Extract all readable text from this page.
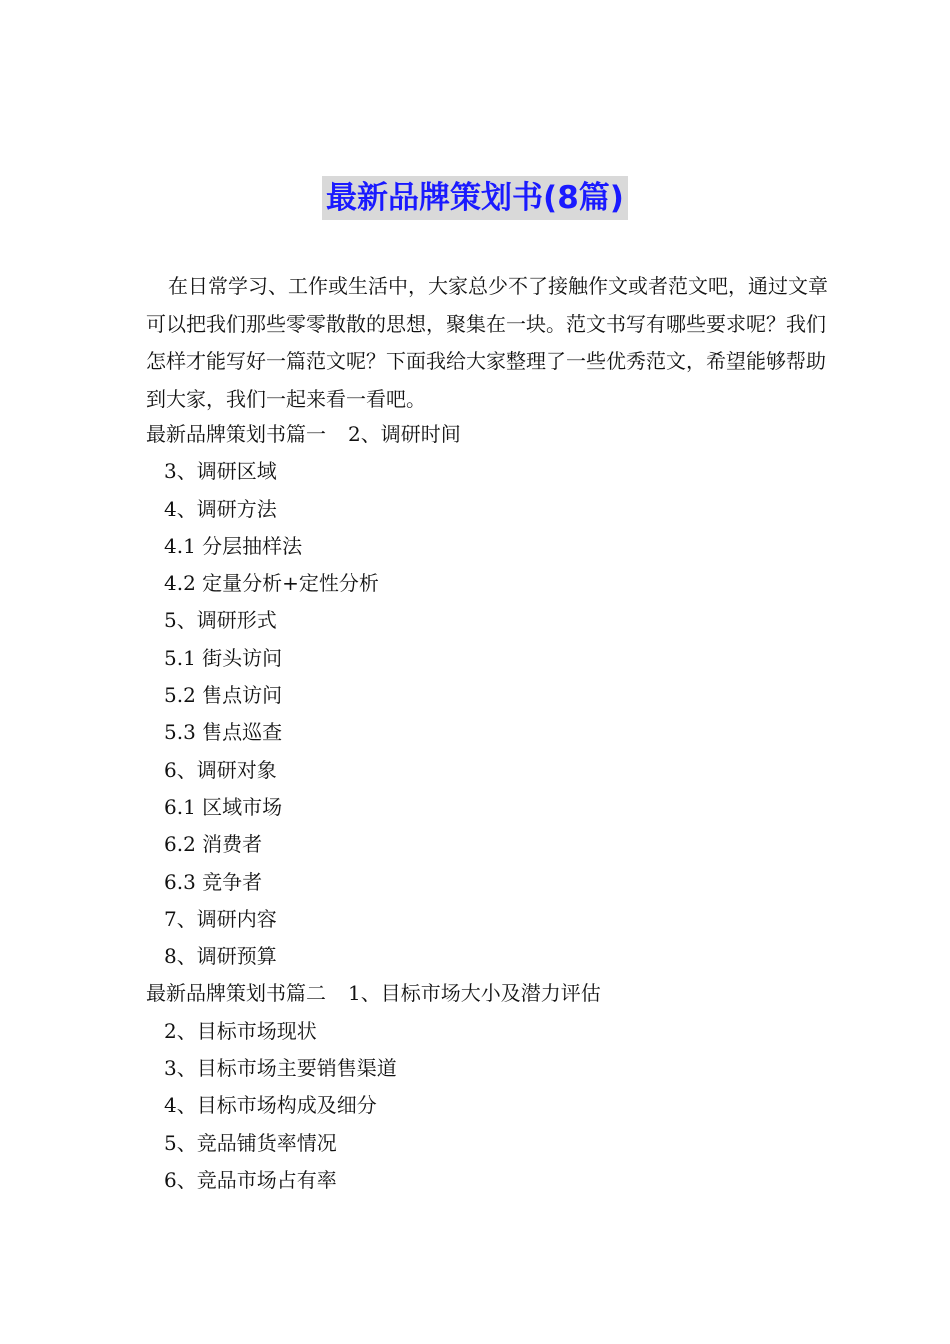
最新品牌策划书(8篇)

在日常学习、工作或生活中，大家总少不了接触作文或者范文吧，通过文章可以把我们那些零零散散的思想，聚集在一块。范文书写有哪些要求呢？我们怎样才能写好一篇范文呢？下面我给大家整理了一些优秀范文，希望能够帮助到大家，我们一起来看一看吧。

最新品牌策划书篇一 2、调研时间
3、调研区域
4、调研方法
4.1 分层抽样法
4.2 定量分析+定性分析
5、调研形式
5.1 街头访问
5.2 售点访问
5.3 售点巡查
6、调研对象
6.1 区域市场
6.2 消费者
6.3 竞争者
7、调研内容
8、调研预算
最新品牌策划书篇二 1、目标市场大小及潜力评估
2、目标市场现状
3、目标市场主要销售渠道
4、目标市场构成及细分
5、竞品铺货率情况
6、竞品市场占有率
